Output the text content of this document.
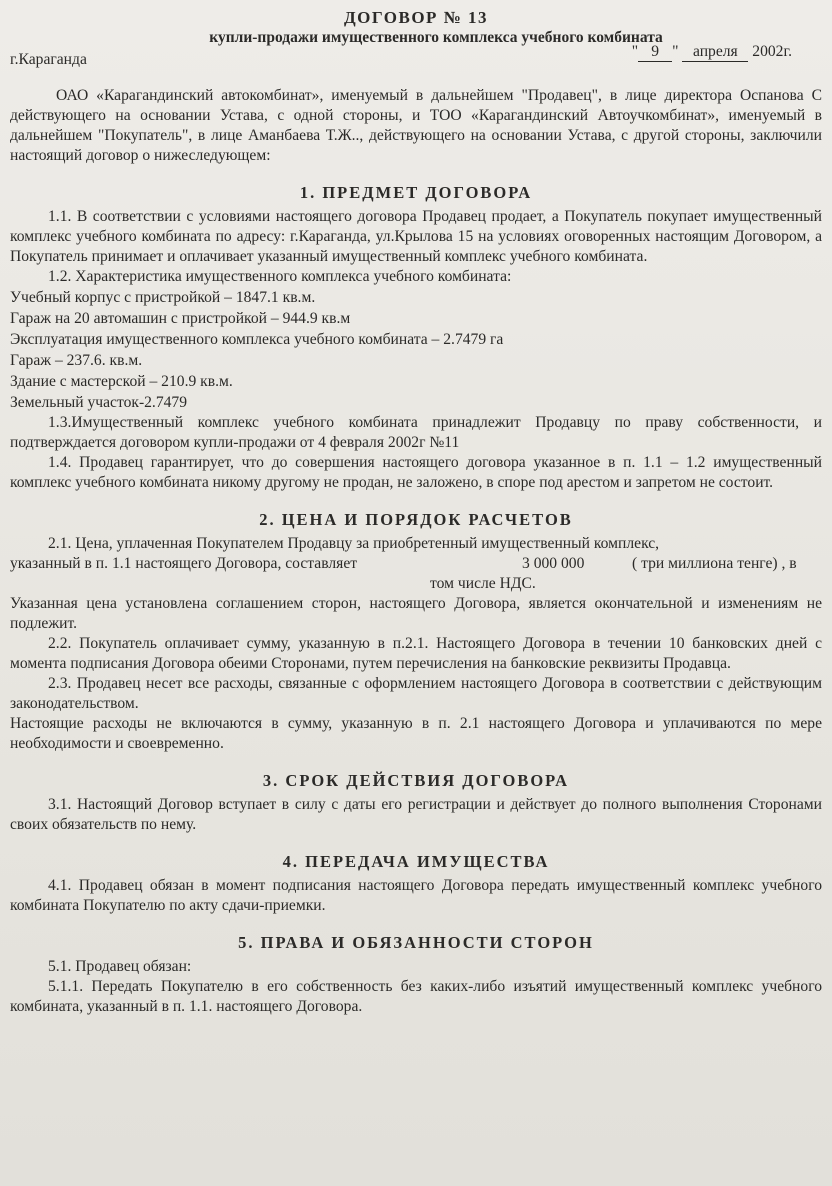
ДОГОВОР № 13
купли-продажи имущественного комплекса учебного комбината
г.Караганда	" 9 " апреля 2002г.

ОАО «Карагандинский автокомбинат», именуемый в дальнейшем "Продавец", в лице директора Оспанова С действующего на основании Устава, с одной стороны, и ТОО «Карагандинский Автоучкомбинат», именуемый в дальнейшем "Покупатель", в лице Аманбаева Т.Ж.., действующего на основании Устава, с другой стороны, заключили настоящий договор о нижеследующем:

1. ПРЕДМЕТ ДОГОВОРА

1.1. В соответствии с условиями настоящего договора Продавец продает, а Покупатель покупает имущественный комплекс учебного комбината по адресу: г.Караганда, ул.Крылова 15 на условиях оговоренных настоящим Договором, а Покупатель принимает и оплачивает указанный имущественный комплекс учебного комбината.

1.2. Характеристика имущественного комплекса учебного комбината:

Учебный корпус с пристройкой – 1847.1 кв.м.

Гараж на 20 автомашин с пристройкой – 944.9 кв.м

Эксплуатация имущественного комплекса учебного комбината – 2.7479 га

Гараж – 237.6. кв.м.

Здание с мастерской – 210.9 кв.м.

Земельный участок-2.7479

1.3.Имущественный комплекс учебного комбината принадлежит Продавцу по праву собственности, и подтверждается договором купли-продажи от 4 февраля 2002г №11

1.4. Продавец гарантирует, что до совершения настоящего договора указанное в п. 1.1 – 1.2 имущественный комплекс учебного комбината никому другому не продан, не заложено, в споре под арестом и запретом не состоит.

2. ЦЕНА И ПОРЯДОК РАСЧЕТОВ

2.1. Цена, уплаченная Покупателем Продавцу за приобретенный имущественный комплекс,

указанный в п. 1.1 настоящего Договора, составляет	3 000 000	( три миллиона тенге) , в
том числе НДС.

Указанная цена установлена соглашением сторон, настоящего Договора, является окончательной и изменениям не подлежит.

2.2. Покупатель оплачивает сумму, указанную в п.2.1. Настоящего Договора в течении 10 банковских дней с момента подписания Договора обеими Сторонами, путем перечисления на банковские реквизиты Продавца.

2.3. Продавец несет все расходы, связанные с оформлением настоящего Договора в соответствии с действующим законодательством.

Настоящие расходы не включаются в сумму, указанную в п. 2.1 настоящего Договора и уплачиваются по мере необходимости и своевременно.

3. СРОК ДЕЙСТВИЯ ДОГОВОРА

3.1. Настоящий Договор вступает в силу с даты его регистрации и действует до полного выполнения Сторонами своих обязательств по нему.

4. ПЕРЕДАЧА ИМУЩЕСТВА

4.1. Продавец обязан в момент подписания настоящего Договора передать имущественный комплекс учебного комбината Покупателю по акту сдачи-приемки.

5. ПРАВА И ОБЯЗАННОСТИ СТОРОН

5.1. Продавец обязан:

5.1.1. Передать Покупателю в его собственность без каких-либо изъятий имущественный комплекс учебного комбината, указанный в п. 1.1. настоящего Договора.
